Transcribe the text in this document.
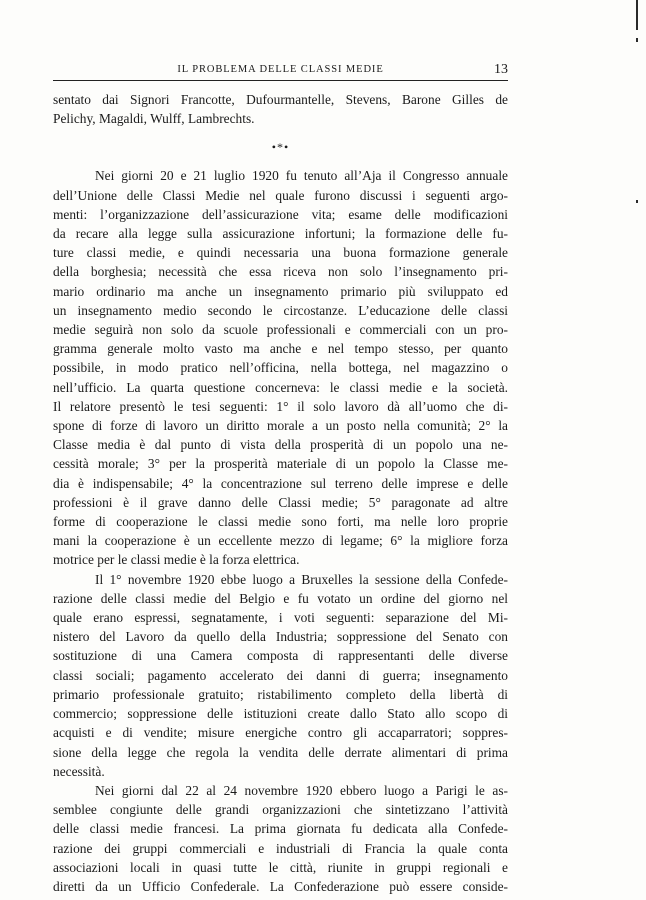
IL PROBLEMA DELLE CLASSI MEDIE	13
sentato dai Signori Francotte, Dufourmantelle, Stevens, Barone Gilles de
Pelichy, Magaldi, Wulff, Lambrechts.
•*•
Nei giorni 20 e 21 luglio 1920 fu tenuto all’Aja il Congresso annuale
dell’Unione delle Classi Medie nel quale furono discussi i seguenti argo-
menti: l’organizzazione dell’assicurazione vita; esame delle modificazioni
da recare alla legge sulla assicurazione infortuni; la formazione delle fu-
ture classi medie, e quindi necessaria una buona formazione generale
della borghesia; necessità che essa riceva non solo l’insegnamento pri-
mario ordinario ma anche un insegnamento primario più sviluppato ed
un insegnamento medio secondo le circostanze. L’educazione delle classi
medie seguirà non solo da scuole professionali e commerciali con un pro-
gramma generale molto vasto ma anche e nel tempo stesso, per quanto
possibile, in modo pratico nell’officina, nella bottega, nel magazzino o
nell’ufficio. La quarta questione concerneva: le classi medie e la società.
Il relatore presentò le tesi seguenti: 1° il solo lavoro dà all’uomo che di-
spone di forze di lavoro un diritto morale a un posto nella comunità; 2° la
Classe media è dal punto di vista della prosperità di un popolo una ne-
cessità morale; 3° per la prosperità materiale di un popolo la Classe me-
dia è indispensabile; 4° la concentrazione sul terreno delle imprese e delle
professioni è il grave danno delle Classi medie; 5° paragonate ad altre
forme di cooperazione le classi medie sono forti, ma nelle loro proprie
mani la cooperazione è un eccellente mezzo di legame; 6° la migliore forza
motrice per le classi medie è la forza elettrica.
Il 1° novembre 1920 ebbe luogo a Bruxelles la sessione della Confede-
razione delle classi medie del Belgio e fu votato un ordine del giorno nel
quale erano espressi, segnatamente, i voti seguenti: separazione del Mi-
nistero del Lavoro da quello della Industria; soppressione del Senato con
sostituzione di una Camera composta di rappresentanti delle diverse
classi sociali; pagamento accelerato dei danni di guerra; insegnamento
primario professionale gratuito; ristabilimento completo della libertà di
commercio; soppressione delle istituzioni create dallo Stato allo scopo di
acquisti e di vendite; misure energiche contro gli accaparratori; soppres-
sione della legge che regola la vendita delle derrate alimentari di prima
necessità.
Nei giorni dal 22 al 24 novembre 1920 ebbero luogo a Parigi le as-
semblee congiunte delle grandi organizzazioni che sintetizzano l’attività
delle classi medie francesi. La prima giornata fu dedicata alla Confede-
razione dei gruppi commerciali e industriali di Francia la quale conta
associazioni locali in quasi tutte le città, riunite in gruppi regionali e
diretti da un Ufficio Confederale. La Confederazione può essere conside-
